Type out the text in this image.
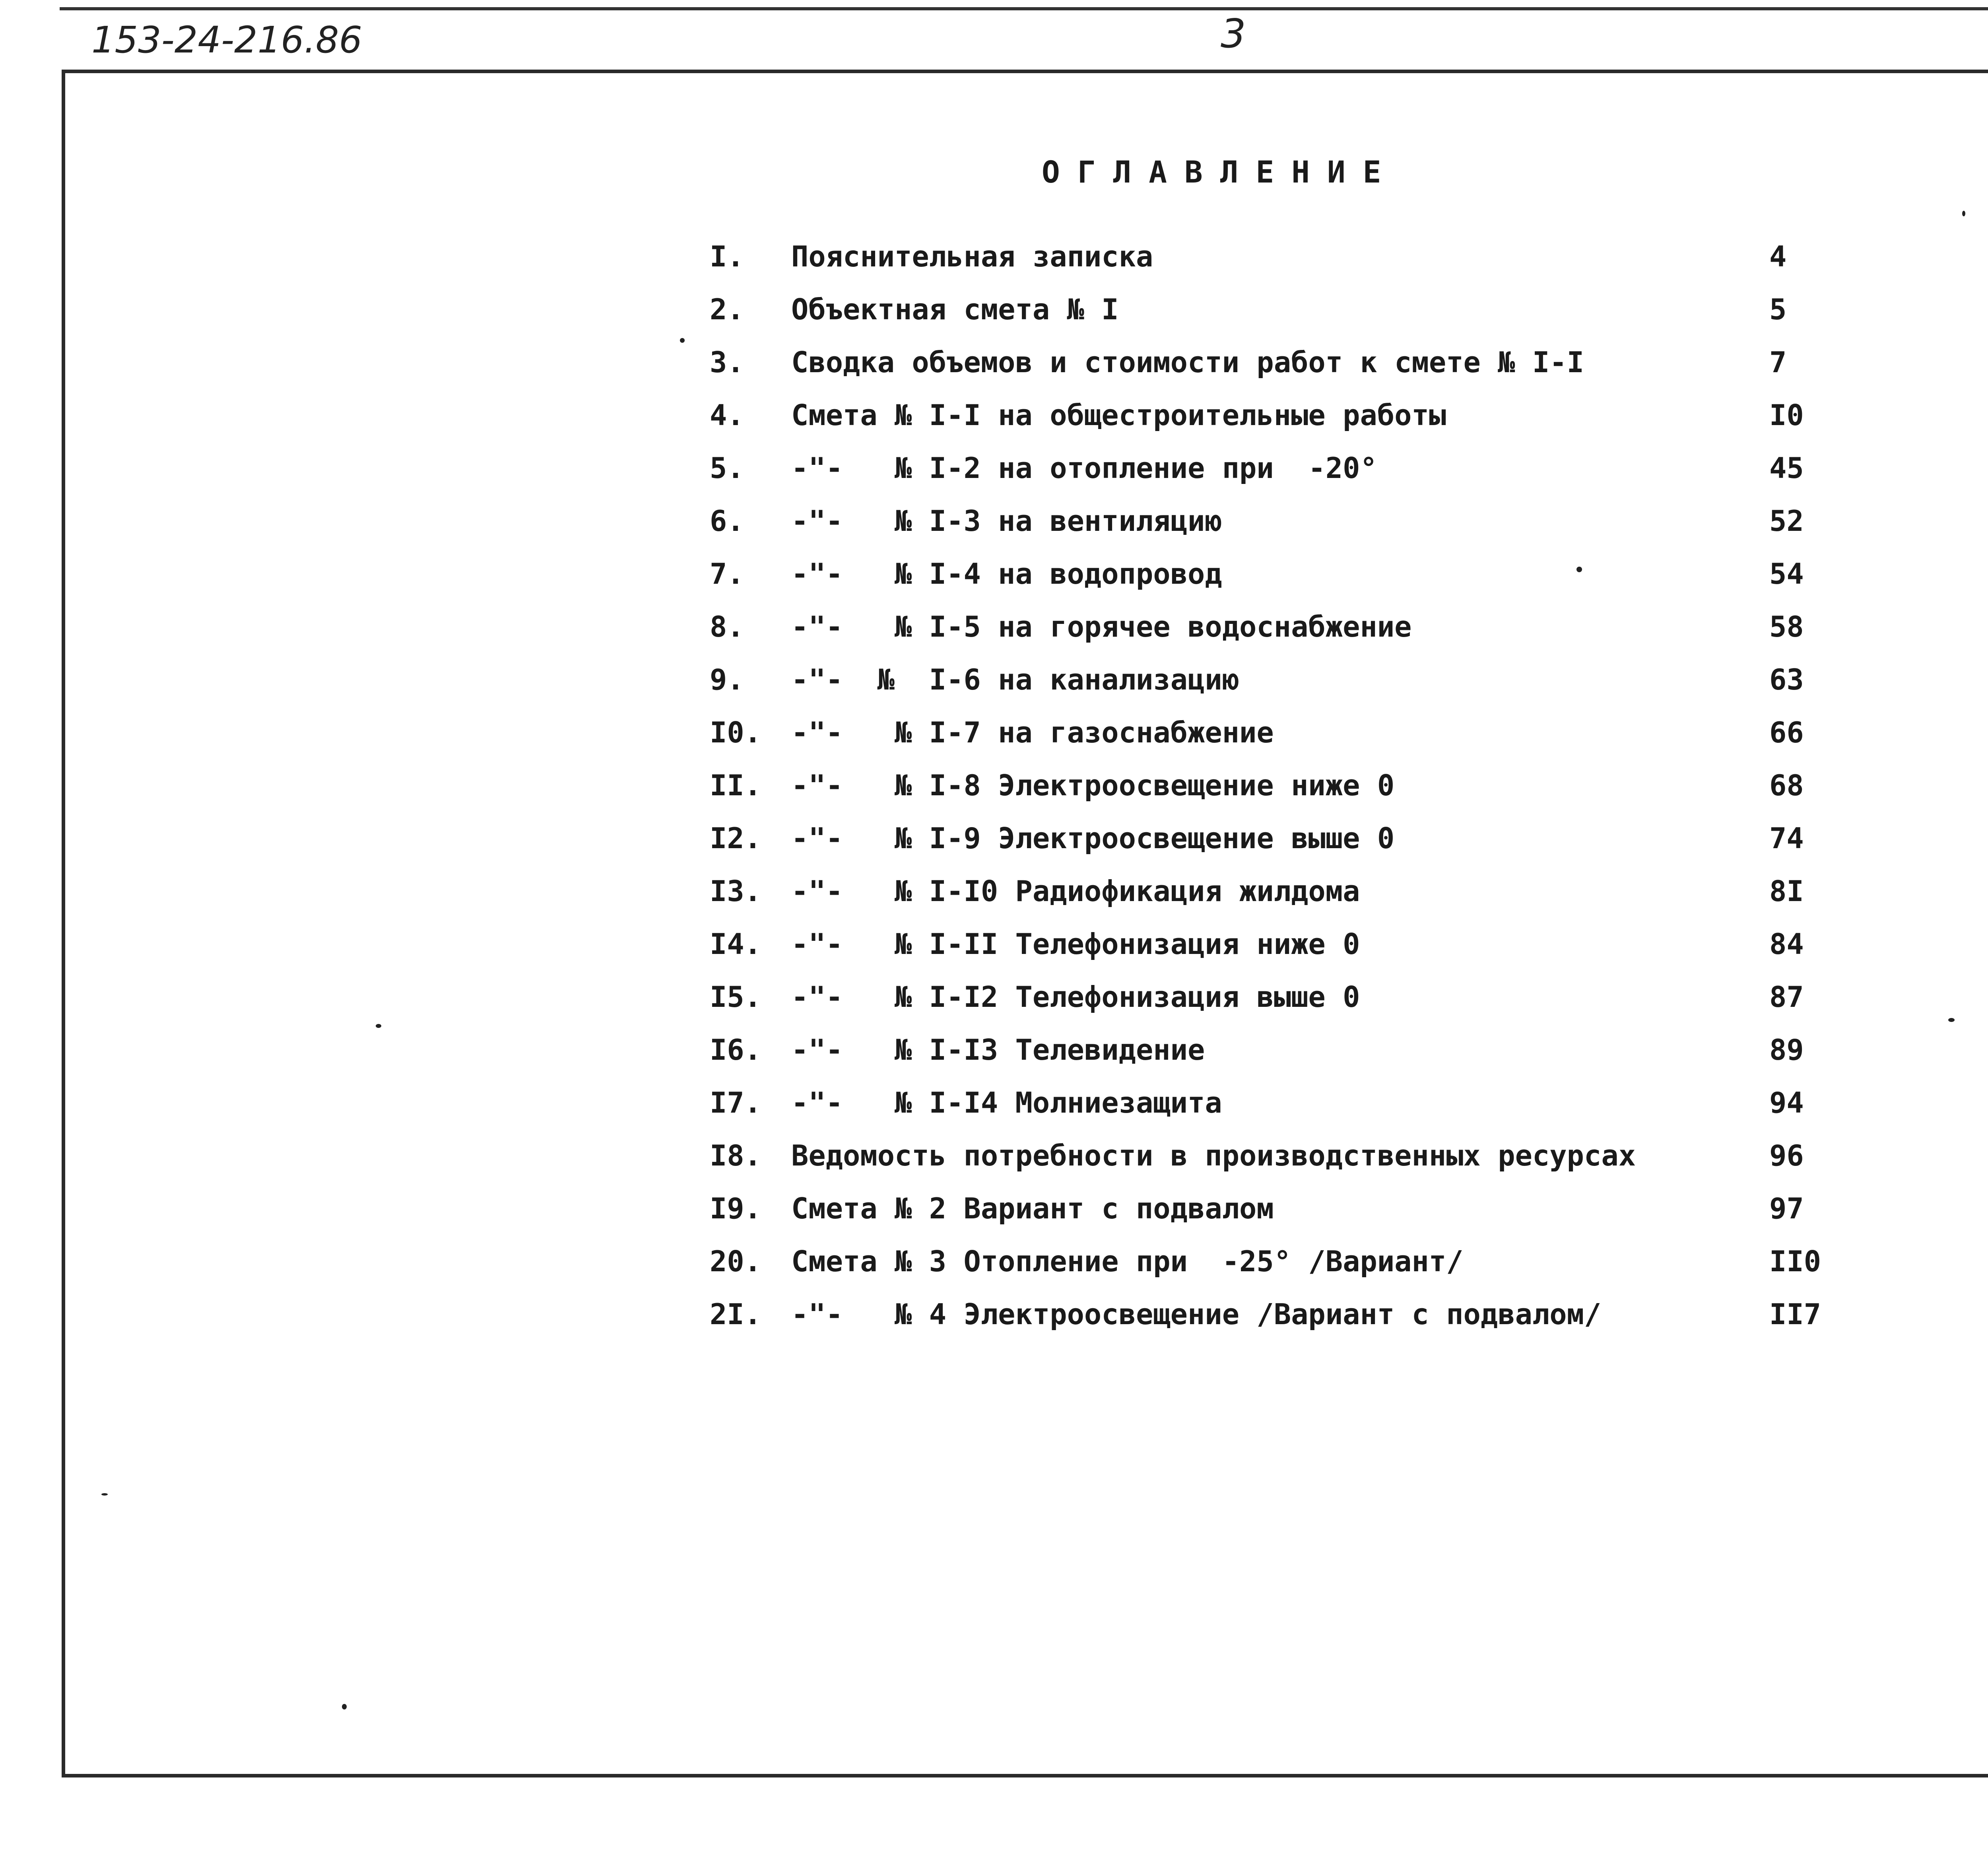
153-24-216.86	3
ОГЛАВЛЕНИЕ
I. Пояснительная записка	4
2. Объектная смета № I	5
3. Сводка объемов и стоимости работ к смете № I-I	7
4. Смета № I-I на общестроительные работы	I0
5. -"-   № I-2 на отопление при  -20°	45
6. -"-   № I-3 на вентиляцию	52
7. -"-   № I-4 на водопровод	54
8. -"-   № I-5 на горячее водоснабжение	58
9. -"-  №  I-6 на канализацию	63
I0. -"-   № I-7 на газоснабжение	66
II. -"-   № I-8 Электроосвещение ниже 0	68
I2. -"-   № I-9 Электроосвещение выше 0	74
I3. -"-   № I-I0 Радиофикация жилдома	8I
I4. -"-   № I-II Телефонизация ниже 0	84
I5. -"-   № I-I2 Телефонизация выше 0	87
I6. -"-   № I-I3 Телевидение	89
I7. -"-   № I-I4 Молниезащита	94
I8. Ведомость потребности в производственных ресурсах	96
I9. Смета № 2 Вариант с подвалом	97
20. Смета № 3 Отопление при  -25° /Вариант/	II0
2I. -"-   № 4 Электроосвещение /Вариант с подвалом/	II7
